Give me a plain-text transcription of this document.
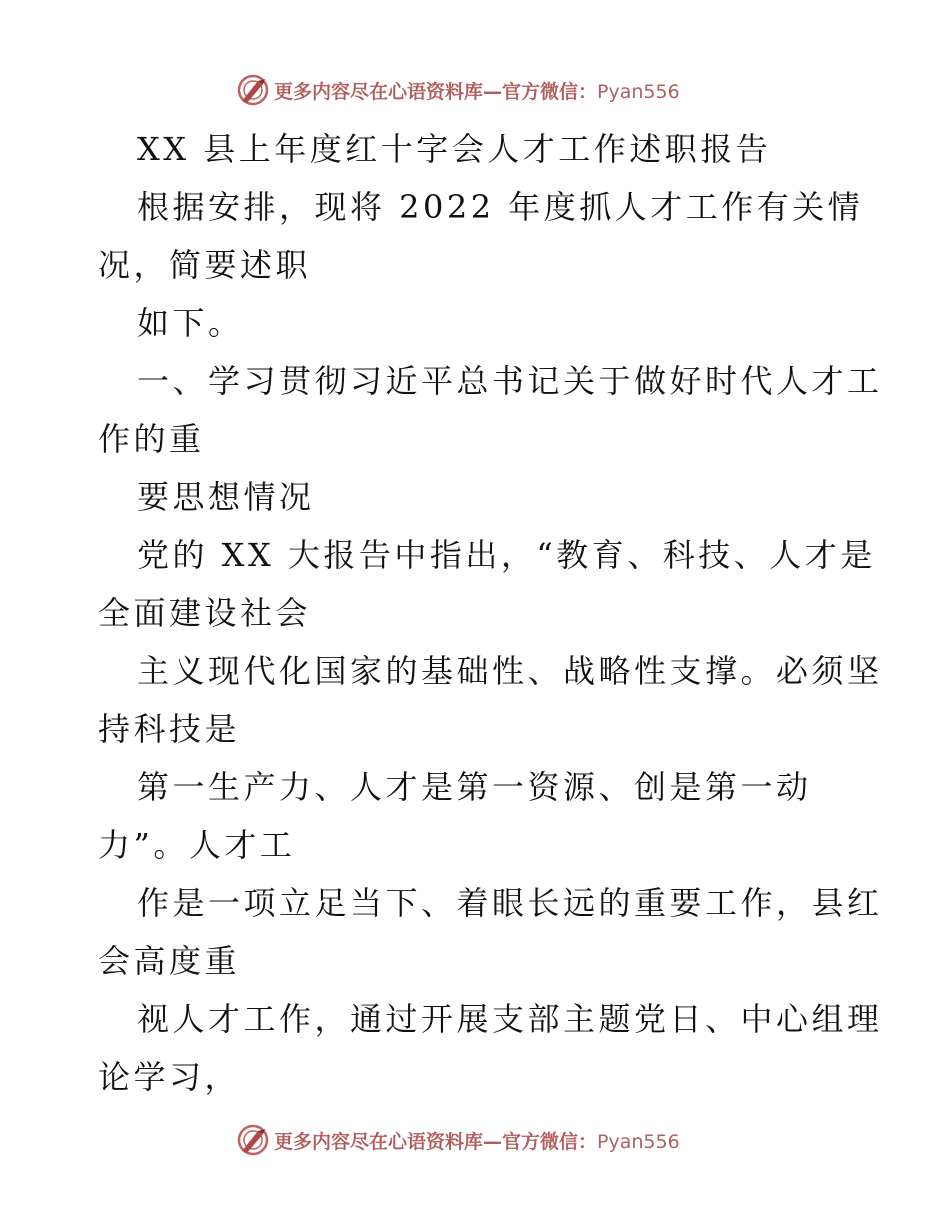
更多内容尽在心语资料库—官方微信：Pyan556
XX 县上年度红十字会人才工作述职报告
根据安排，现将 2022 年度抓人才工作有关情
况，简要述职
如下。
一、学习贯彻习近平总书记关于做好时代人才工
作的重
要思想情况
党的 XX 大报告中指出，“教育、科技、人才是
全面建设社会
主义现代化国家的基础性、战略性支撑。必须坚
持科技是
第一生产力、人才是第一资源、创是第一动
力”。人才工
作是一项立足当下、着眼长远的重要工作，县红
会高度重
视人才工作，通过开展支部主题党日、中心组理
论学习，
更多内容尽在心语资料库—官方微信：Pyan556
